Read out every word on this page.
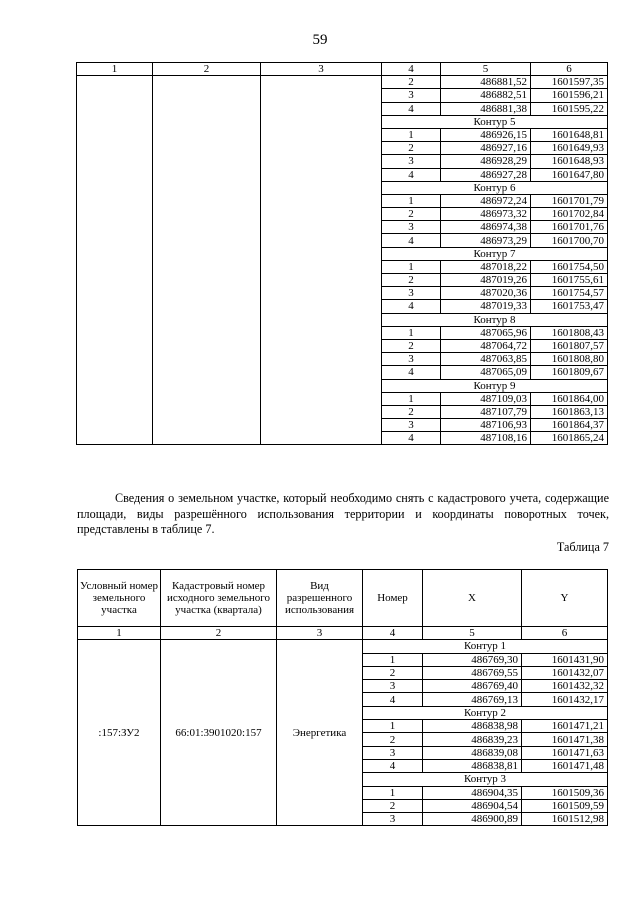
59
1	2	3	4	5	6
			2	486881,52	1601597,35
			3	486882,51	1601596,21
			4	486881,38	1601595,22
			Контур 5		
			1	486926,15	1601648,81
			2	486927,16	1601649,93
			3	486928,29	1601648,93
			4	486927,28	1601647,80
			Контур 6		
			1	486972,24	1601701,79
			2	486973,32	1601702,84
			3	486974,38	1601701,76
			4	486973,29	1601700,70
			Контур 7		
			1	487018,22	1601754,50
			2	487019,26	1601755,61
			3	487020,36	1601754,57
			4	487019,33	1601753,47
			Контур 8		
			1	487065,96	1601808,43
			2	487064,72	1601807,57
			3	487063,85	1601808,80
			4	487065,09	1601809,67
			Контур 9		
			1	487109,03	1601864,00
			2	487107,79	1601863,13
			3	487106,93	1601864,37
			4	487108,16	1601865,24

Сведения о земельном участке, который необходимо снять с кадастрового учета, содержащие площади, виды разрешённого использования территории и координаты поворотных точек, представлены в таблице 7.

Таблица 7
Условный номер земельного участка	Кадастровый номер исходного земельного участка (квартала)	Вид разрешенного использования	Номер	X	Y
1	2	3	4	5	6
:157:ЗУ2	66:01:3901020:157	Энергетика	Контур 1		
			1	486769,30	1601431,90
			2	486769,55	1601432,07
			3	486769,40	1601432,32
			4	486769,13	1601432,17
			Контур 2		
			1	486838,98	1601471,21
			2	486839,23	1601471,38
			3	486839,08	1601471,63
			4	486838,81	1601471,48
			Контур 3		
			1	486904,35	1601509,36
			2	486904,54	1601509,59
			3	486900,89	1601512,98
